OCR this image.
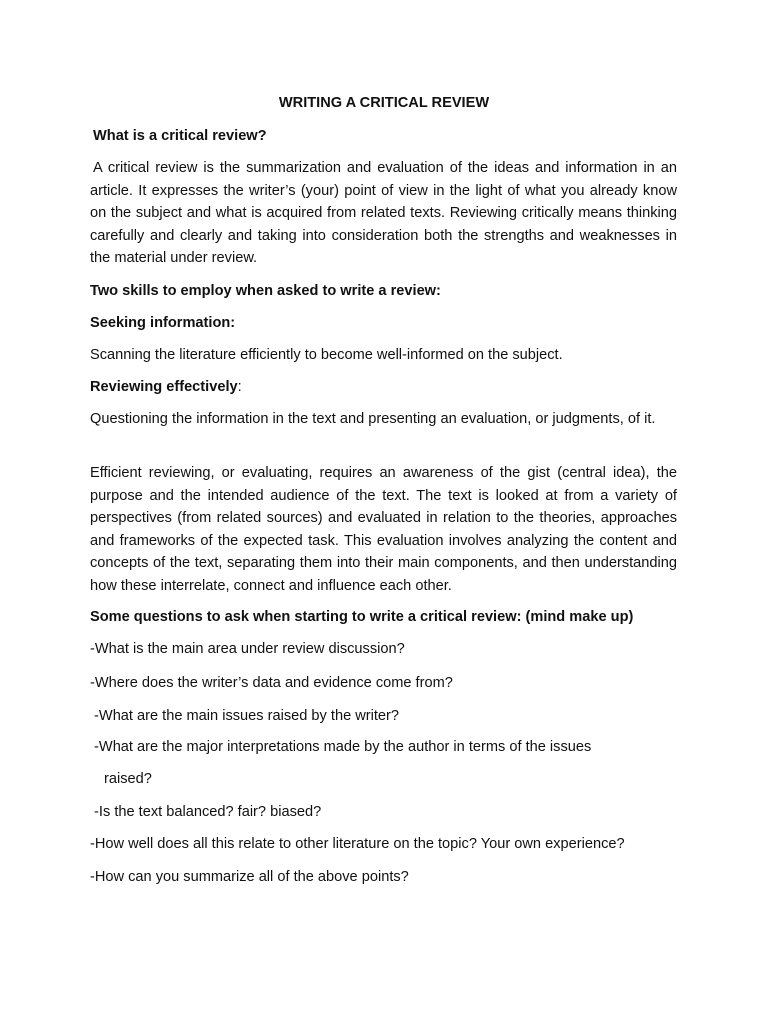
WRITING A CRITICAL REVIEW
What is a critical review?
A critical review is the summarization and evaluation of the ideas and information in an article. It expresses the writer’s (your) point of view in the light of what you already know on the subject and what is acquired from related texts. Reviewing critically means thinking carefully and clearly and taking into consideration both the strengths and weaknesses in the material under review.
Two skills to employ when asked to write a review:
Seeking information:
Scanning the literature efficiently to become well-informed on the subject.
Reviewing effectively:
Questioning the information in the text and presenting an evaluation, or judgments, of it.
Efficient reviewing, or evaluating, requires an awareness of the gist (central idea), the purpose and the intended audience of the text. The text is looked at from a variety of perspectives (from related sources) and evaluated in relation to the theories, approaches and frameworks of the expected task. This evaluation involves analyzing the content and concepts of the text, separating them into their main components, and then understanding how these interrelate, connect and influence each other.
Some questions to ask when starting to write a critical review: (mind make up)
-What is the main area under review discussion?
-Where does the writer’s data and evidence come from?
-What are the main issues raised by the writer?
-What are the major interpretations made by the author in terms of the issues
raised?
-Is the text balanced? fair? biased?
-How well does all this relate to other literature on the topic? Your own experience?
-How can you summarize all of the above points?
